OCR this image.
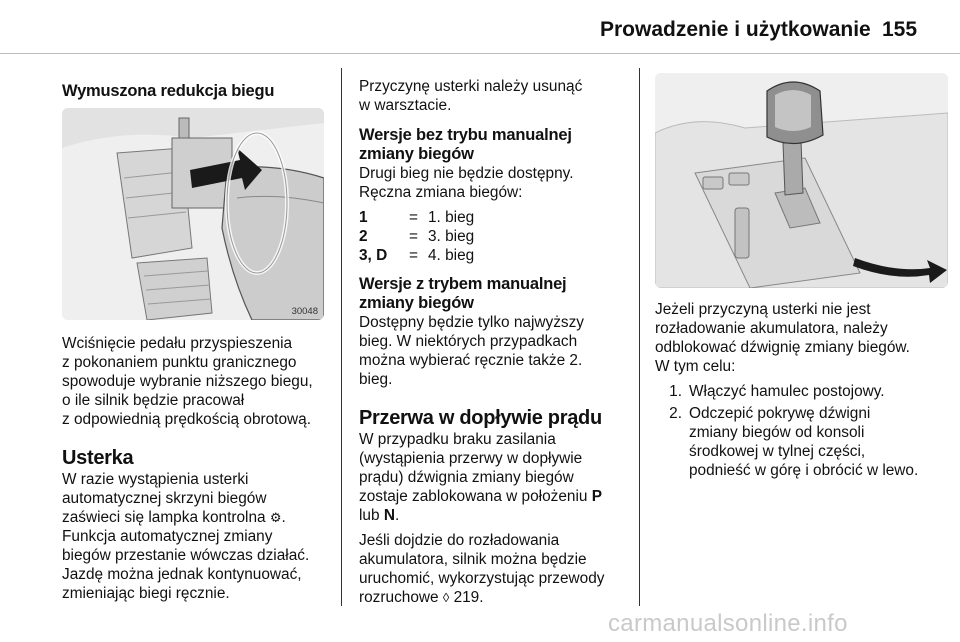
Prowadzenie i użytkowanie 155
Wymuszona redukcja biegu
30048

Wciśnięcie pedału przyspieszenia

z pokonaniem punktu granicznego

spowoduje wybranie niższego biegu,

o ile silnik będzie pracował

z odpowiednią prędkością obrotową.

Usterka

W razie wystąpienia usterki

automatycznej skrzyni biegów

zaświeci się lampka kontrolna ⚙.

Funkcja automatycznej zmiany

biegów przestanie wówczas działać.

Jazdę można jednak kontynuować,

zmieniając biegi ręcznie.

Przyczynę usterki należy usunąć

w warsztacie.

Wersje bez trybu manualnej
zmiany biegów

Drugi bieg nie będzie dostępny.

Ręczna zmiana biegów:

1	= 1. bieg
2	= 3. bieg
3, D	= 4. bieg
Wersje z trybem manualnej
zmiany biegów

Dostępny będzie tylko najwyższy

bieg. W niektórych przypadkach

można wybierać ręcznie także 2.

bieg.

Przerwa w dopływie prądu

W przypadku braku zasilania

(wystąpienia przerwy w dopływie

prądu) dźwignia zmiany biegów

zostaje zablokowana w położeniu P

lub N.

Jeśli dojdzie do rozładowania

akumulatora, silnik można będzie

uruchomić, wykorzystując przewody

rozruchowe ◊ 219.

Jeżeli przyczyną usterki nie jest

rozładowanie akumulatora, należy

odblokować dźwignię zmiany biegów.

W tym celu:

1. Włączyć hamulec postojowy.
2. Odczepić pokrywę dźwigni
zmiany biegów od konsoli
środkowej w tylnej części,
podnieść w górę i obrócić w lewo.
carmanualsonline.info
